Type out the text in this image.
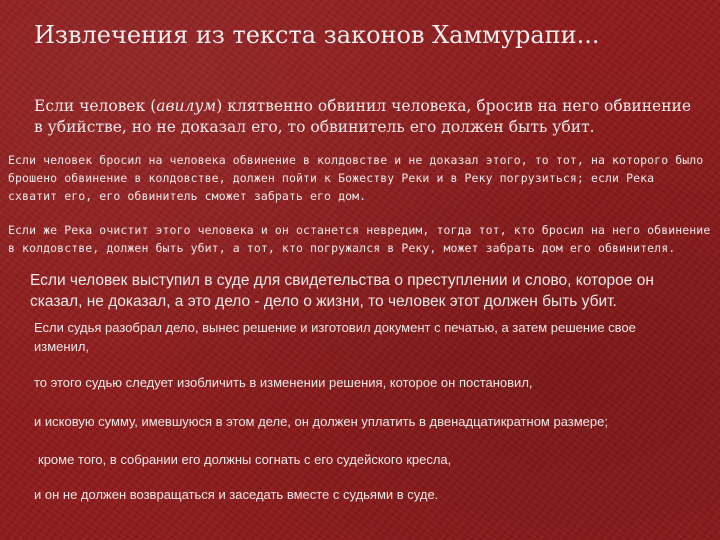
Извлечения из текста законов Хаммурапи...

Если человек (авилум) клятвенно обвинил человека, бросив на него обвинение в убийстве, но не доказал его, то обвинитель его должен быть убит.

Если человек бросил на человека обвинение в колдовстве и не доказал этого, то тот, на которого было брошено обвинение в колдовстве, должен пойти к Божеству Реки и в Реку погрузиться; если Река схватит его, его обвинитель сможет забрать его дом.

Если же Река очистит этого человека и он останется невредим, тогда тот, кто бросил на него обвинение в колдовстве, должен быть убит, а тот, кто погружался в Реку, может забрать дом его обвинителя.

Если человек выступил в суде для свидетельства о преступлении и слово, которое он сказал, не доказал, а это дело - дело о жизни, то человек этот должен быть убит.

Если судья разобрал дело, вынес решение и изготовил документ с печатью, а затем решение свое изменил,

то этого судью следует изобличить в изменении решения, которое он постановил,

и исковую сумму, имевшуюся в этом деле, он должен уплатить в двенадцатикратном размере;

кроме того, в собрании его должны согнать с его судейского кресла,

и он не должен возвращаться и заседать вместе с судьями в суде.
